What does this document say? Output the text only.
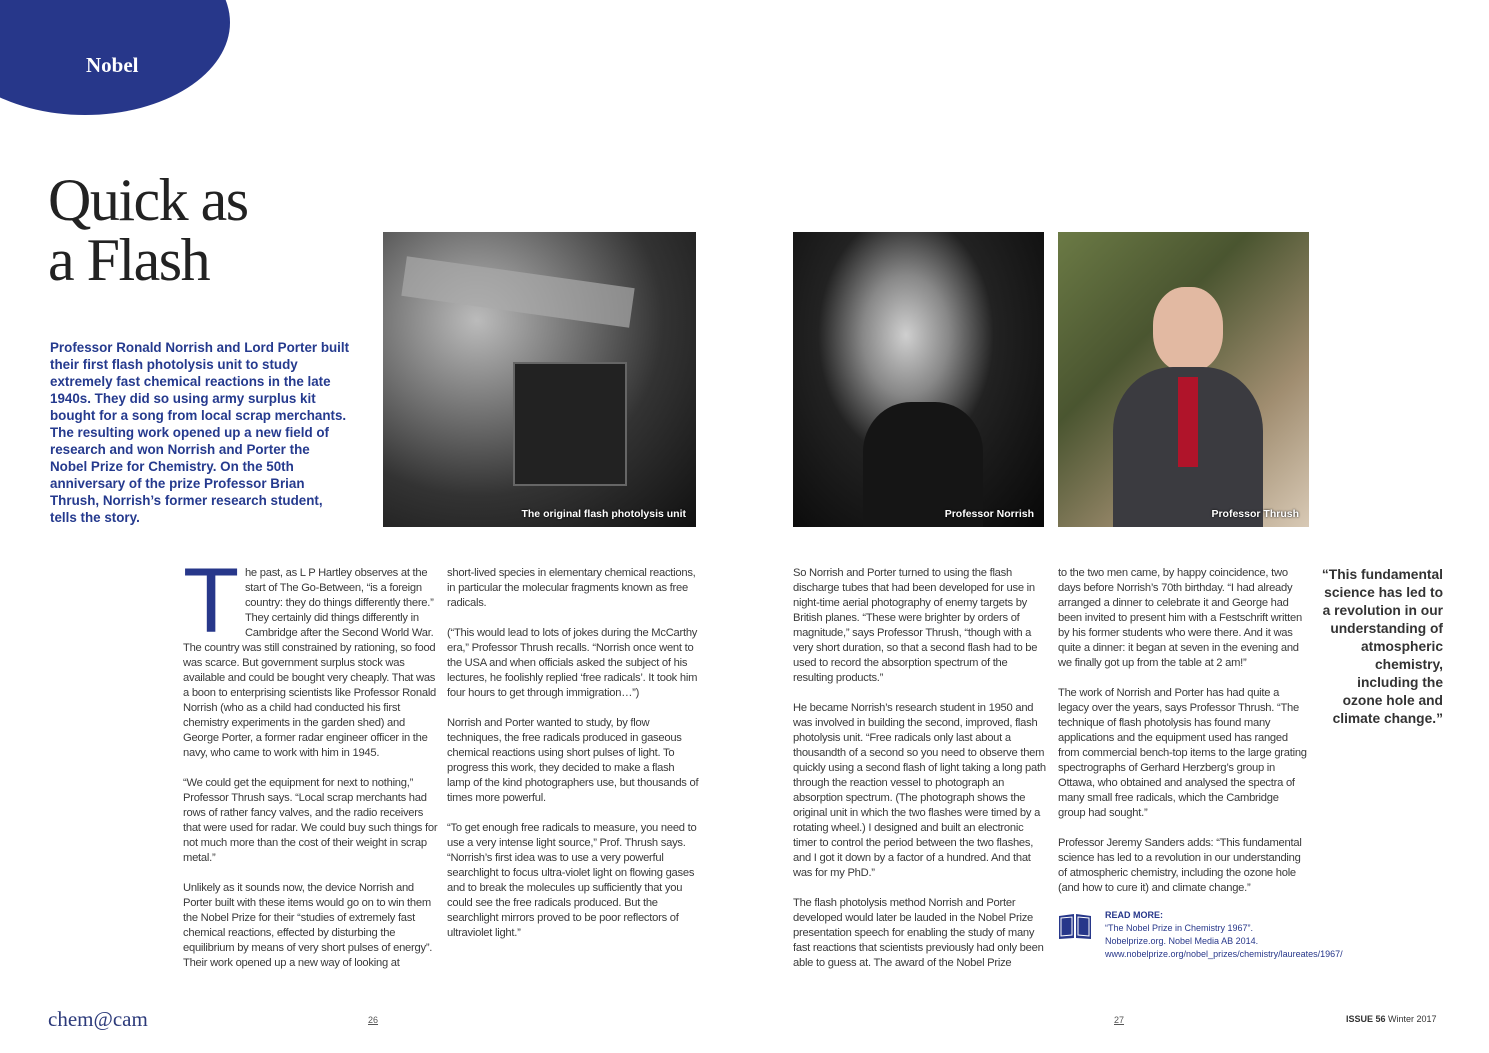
Nobel
Quick as
a Flash
Professor Ronald Norrish and Lord Porter built their first flash photolysis unit to study extremely fast chemical reactions in the late 1940s. They did so using army surplus kit bought for a song from local scrap merchants. The resulting work opened up a new field of research and won Norrish and Porter the Nobel Prize for Chemistry. On the 50th anniversary of the prize Professor Brian Thrush, Norrish’s former research student, tells the story.	The original flash photolysis unit	Professor Norrish	Professor Thrush

The past, as L P Hartley observes at the start of The Go-Between, “is a foreign country: they do things differently there.” They certainly did things differently in Cambridge after the Second World War. The country was still constrained by rationing, so food was scarce. But government surplus stock was available and could be bought very cheaply. That was a boon to enterprising scientists like Professor Ronald Norrish (who as a child had conducted his first chemistry experiments in the garden shed) and George Porter, a former radar engineer officer in the navy, who came to work with him in 1945.

“We could get the equipment for next to nothing,” Professor Thrush says. “Local scrap merchants had rows of rather fancy valves, and the radio receivers that were used for radar. We could buy such things for not much more than the cost of their weight in scrap metal.”

Unlikely as it sounds now, the device Norrish and Porter built with these items would go on to win them the Nobel Prize for their “studies of extremely fast chemical reactions, effected by disturbing the equilibrium by means of very short pulses of energy”. Their work opened up a new way of looking at

short-lived species in elementary chemical reactions, in particular the molecular fragments known as free radicals.

(“This would lead to lots of jokes during the McCarthy era,” Professor Thrush recalls. “Norrish once went to the USA and when officials asked the subject of his lectures, he foolishly replied ‘free radicals’. It took him four hours to get through immigration…”)

Norrish and Porter wanted to study, by flow techniques, the free radicals produced in gaseous chemical reactions using short pulses of light. To progress this work, they decided to make a flash lamp of the kind photographers use, but thousands of times more powerful.

“To get enough free radicals to measure, you need to use a very intense light source,” Prof. Thrush says. “Norrish’s first idea was to use a very powerful searchlight to focus ultra-violet light on flowing gases and to break the molecules up sufficiently that you could see the free radicals produced. But the searchlight mirrors proved to be poor reflectors of ultraviolet light.”

So Norrish and Porter turned to using the flash discharge tubes that had been developed for use in night-time aerial photography of enemy targets by British planes. “These were brighter by orders of magnitude,” says Professor Thrush, “though with a very short duration, so that a second flash had to be used to record the absorption spectrum of the resulting products.”

He became Norrish’s research student in 1950 and was involved in building the second, improved, flash photolysis unit. “Free radicals only last about a thousandth of a second so you need to observe them quickly using a second flash of light taking a long path through the reaction vessel to photograph an absorption spectrum. (The photograph shows the original unit in which the two flashes were timed by a rotating wheel.) I designed and built an electronic timer to control the period between the two flashes, and I got it down by a factor of a hundred. And that was for my PhD.”

The flash photolysis method Norrish and Porter developed would later be lauded in the Nobel Prize presentation speech for enabling the study of many fast reactions that scientists previously had only been able to guess at. The award of the Nobel Prize

to the two men came, by happy coincidence, two days before Norrish’s 70th birthday. “I had already arranged a dinner to celebrate it and George had been invited to present him with a Festschrift written by his former students who were there. And it was quite a dinner: it began at seven in the evening and we finally got up from the table at 2 am!”

The work of Norrish and Porter has had quite a legacy over the years, says Professor Thrush. “The technique of flash photolysis has found many applications and the equipment used has ranged from commercial bench-top items to the large grating spectrographs of Gerhard Herzberg’s group in Ottawa, who obtained and analysed the spectra of many small free radicals, which the Cambridge group had sought.”

Professor Jeremy Sanders adds: “This fundamental science has led to a revolution in our understanding of atmospheric chemistry, including the ozone hole (and how to cure it) and climate change.”

“This fundamental science has led to a revolution in our understanding of atmospheric chemistry, including the ozone hole and climate change.”
READ MORE:
“The Nobel Prize in Chemistry 1967”. Nobelprize.org. Nobel Media AB 2014. www.nobelprize.org/nobel_prizes/chemistry/laureates/1967/
chem@cam	26	27	ISSUE 56 Winter 2017
